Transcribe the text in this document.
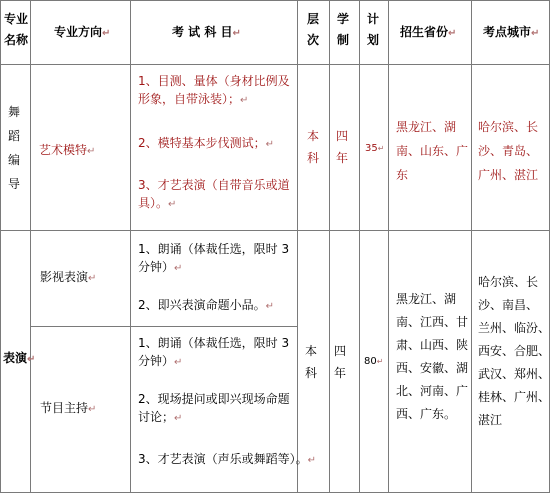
专业
名称
专业方向↵	考 试 科 目↵
层
次
学
制
计
划
招生省份↵ 考点城市↵
舞
蹈
编
导
艺术模特↵
1、目测、量体（身材比例及
形象，自带泳装）；↵
2、模特基本步伐测试；↵
3、才艺表演（自带音乐或道
具）。↵
本
科
四
年
35↵
黑龙江、湖
南、山东、广
东
哈尔滨、长
沙、青岛、
广州、湛江
表演↵
影视表演↵
1、朗诵（体裁任选，限时 3
分钟）↵
2、即兴表演命题小品。↵
节目主持↵
1、朗诵（体裁任选，限时 3
分钟）↵
2、现场提问或即兴现场命题
讨论；↵
3、才艺表演（声乐或舞蹈等）。↵
本
科
四
年
80↵
黑龙江、湖
南、江西、甘
肃、山西、陕
西、安徽、湖
北、河南、广
西、广东。
哈尔滨、长
沙、南昌、
兰州、临汾、
西安、合肥、
武汉、郑州、
桂林、广州、
湛江
